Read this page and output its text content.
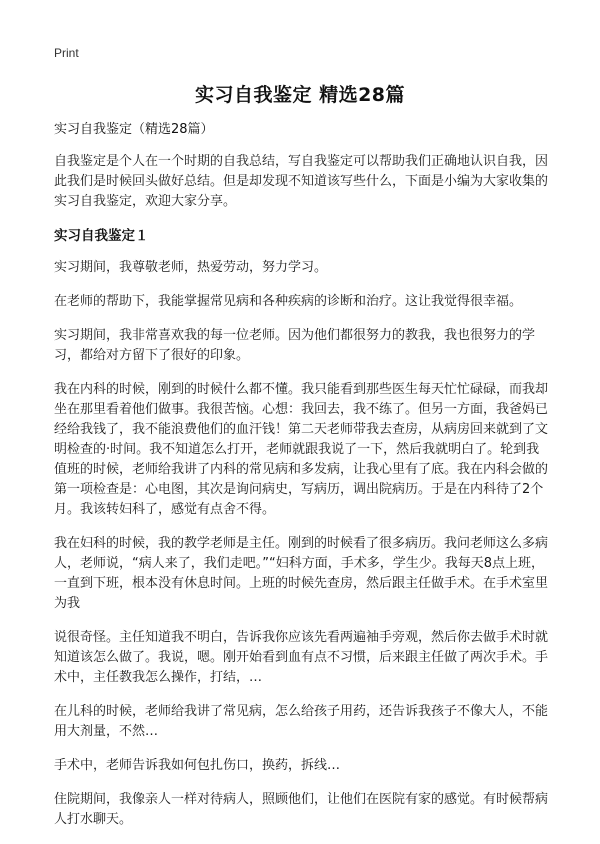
Print
实习自我鉴定 精选28篇
实习自我鉴定（精选28篇）
自我鉴定是个人在一个时期的自我总结，写自我鉴定可以帮助我们正确地认识自我，因此我们是时候回头做好总结。但是却发现不知道该写些什么，下面是小编为大家收集的实习自我鉴定，欢迎大家分享。
实习自我鉴定１
实习期间，我尊敬老师，热爱劳动，努力学习。
在老师的帮助下，我能掌握常见病和各种疾病的诊断和治疗。这让我觉得很幸福。
实习期间，我非常喜欢我的每一位老师。因为他们都很努力的教我，我也很努力的学习，都给对方留下了很好的印象。
我在内科的时候，刚到的时候什么都不懂。我只能看到那些医生每天忙忙碌碌，而我却坐在那里看着他们做事。我很苦恼。心想：我回去，我不练了。但另一方面，我爸妈已经给我钱了，我不能浪费他们的血汗钱！第二天老师带我去查房，从病房回来就到了文明检查的·时间。我不知道怎么打开，老师就跟我说了一下，然后我就明白了。轮到我值班的时候，老师给我讲了内科的常见病和多发病，让我心里有了底。我在内科会做的第一项检查是：心电图，其次是询问病史，写病历，调出院病历。于是在内科待了2个月。我该转妇科了，感觉有点舍不得。
我在妇科的时候，我的教学老师是主任。刚到的时候看了很多病历。我问老师这么多病人，老师说，“病人来了，我们走吧。”“妇科方面，手术多，学生少。我每天8点上班，一直到下班，根本没有休息时间。上班的时候先查房，然后跟主任做手术。在手术室里为我
说很奇怪。主任知道我不明白，告诉我你应该先看两遍袖手旁观，然后你去做手术时就知道该怎么做了。我说，嗯。刚开始看到血有点不习惯，后来跟主任做了两次手术。手术中，主任教我怎么操作，打结，…
在儿科的时候，老师给我讲了常见病，怎么给孩子用药，还告诉我孩子不像大人，不能用大剂量，不然…
手术中，老师告诉我如何包扎伤口，换药，拆线…
住院期间，我像亲人一样对待病人，照顾他们，让他们在医院有家的感觉。有时候帮病人打水聊天。
